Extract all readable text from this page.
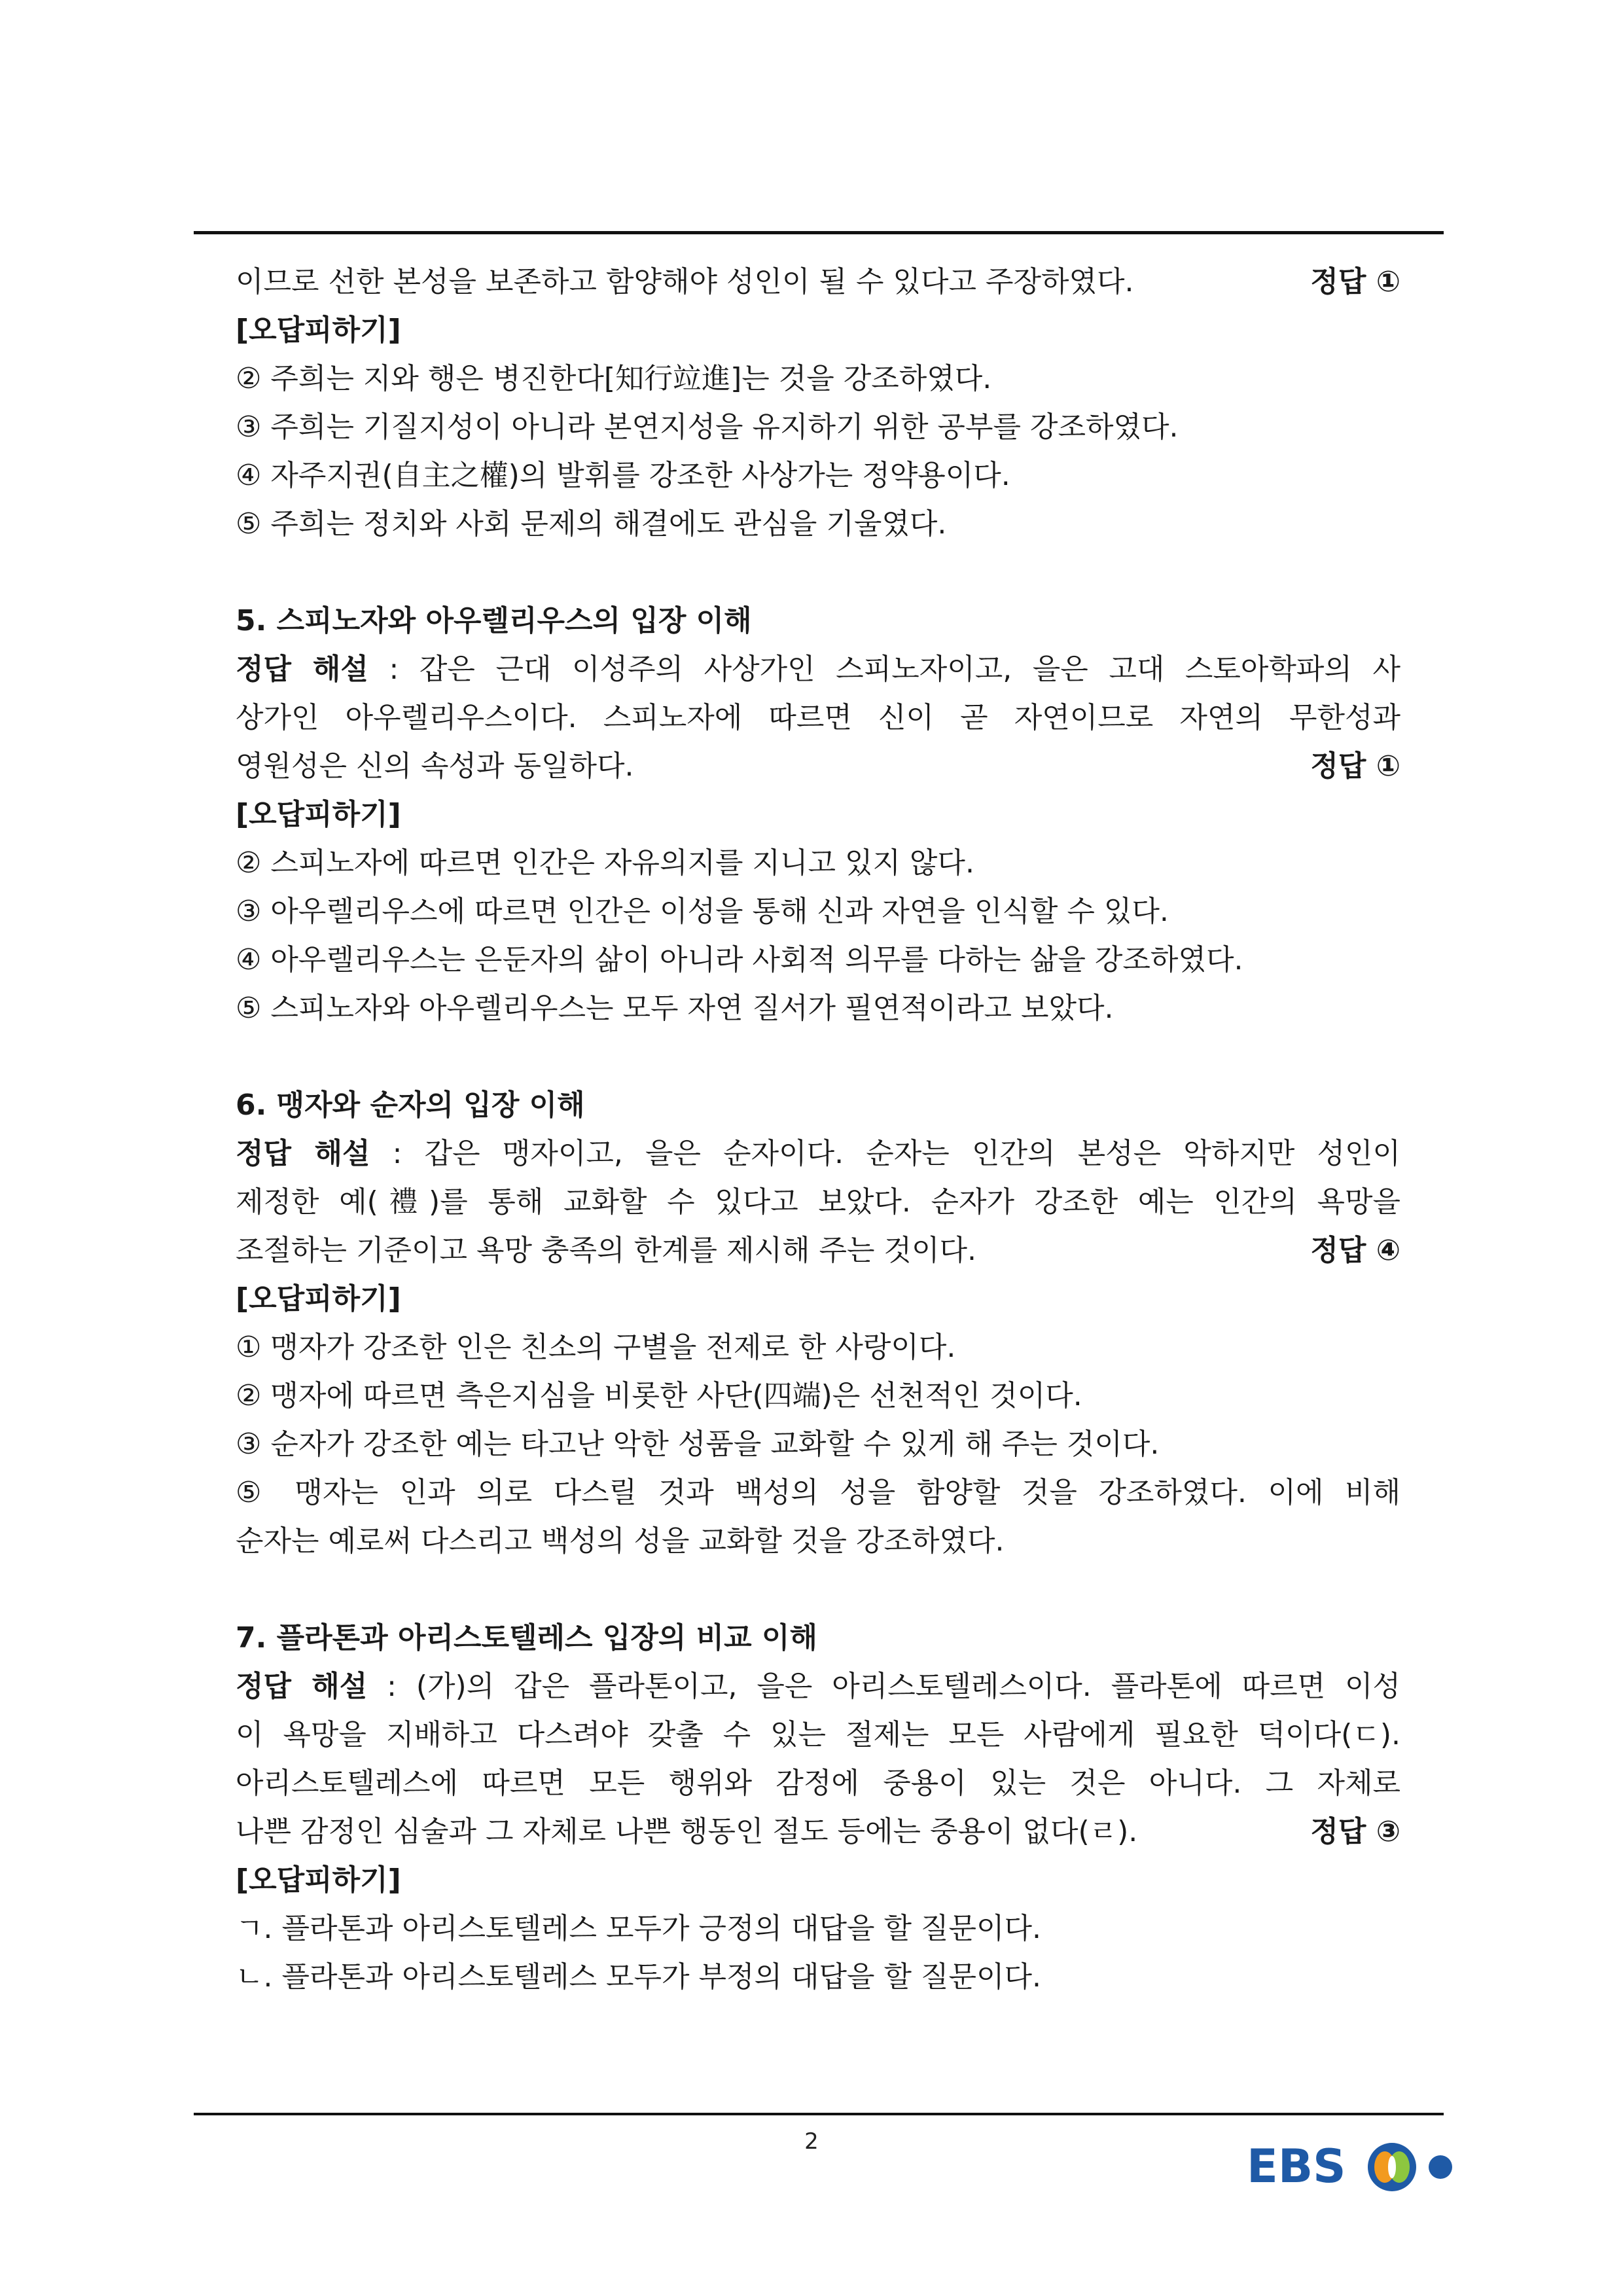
이므로 선한 본성을 보존하고 함양해야 성인이 될 수 있다고 주장하였다.	정답 ①
[오답피하기]
② 주희는 지와 행은 병진한다[知行竝進]는 것을 강조하였다.
③ 주희는 기질지성이 아니라 본연지성을 유지하기 위한 공부를 강조하였다.
④ 자주지권(自主之權)의 발휘를 강조한 사상가는 정약용이다.
⑤ 주희는 정치와 사회 문제의 해결에도 관심을 기울였다.
5. 스피노자와 아우렐리우스의 입장 이해
정답 해설 : 갑은 근대 이성주의 사상가인 스피노자이고, 을은 고대 스토아학파의 사
상가인 아우렐리우스이다. 스피노자에 따르면 신이 곧 자연이므로 자연의 무한성과
영원성은 신의 속성과 동일하다.	정답 ①
[오답피하기]
② 스피노자에 따르면 인간은 자유의지를 지니고 있지 않다.
③ 아우렐리우스에 따르면 인간은 이성을 통해 신과 자연을 인식할 수 있다.
④ 아우렐리우스는 은둔자의 삶이 아니라 사회적 의무를 다하는 삶을 강조하였다.
⑤ 스피노자와 아우렐리우스는 모두 자연 질서가 필연적이라고 보았다.
6. 맹자와 순자의 입장 이해
정답 해설 : 갑은 맹자이고, 을은 순자이다. 순자는 인간의 본성은 악하지만 성인이
제정한 예(禮)를 통해 교화할 수 있다고 보았다. 순자가 강조한 예는 인간의 욕망을
조절하는 기준이고 욕망 충족의 한계를 제시해 주는 것이다.	정답 ④
[오답피하기]
① 맹자가 강조한 인은 친소의 구별을 전제로 한 사랑이다.
② 맹자에 따르면 측은지심을 비롯한 사단(四端)은 선천적인 것이다.
③ 순자가 강조한 예는 타고난 악한 성품을 교화할 수 있게 해 주는 것이다.
⑤ 맹자는 인과 의로 다스릴 것과 백성의 성을 함양할 것을 강조하였다. 이에 비해
순자는 예로써 다스리고 백성의 성을 교화할 것을 강조하였다.
7. 플라톤과 아리스토텔레스 입장의 비교 이해
정답 해설 : (가)의 갑은 플라톤이고, 을은 아리스토텔레스이다. 플라톤에 따르면 이성
이 욕망을 지배하고 다스려야 갖출 수 있는 절제는 모든 사람에게 필요한 덕이다(ㄷ).
아리스토텔레스에 따르면 모든 행위와 감정에 중용이 있는 것은 아니다. 그 자체로
나쁜 감정인 심술과 그 자체로 나쁜 행동인 절도 등에는 중용이 없다(ㄹ).	정답 ③
[오답피하기]
ㄱ. 플라톤과 아리스토텔레스 모두가 긍정의 대답을 할 질문이다.
ㄴ. 플라톤과 아리스토텔레스 모두가 부정의 대답을 할 질문이다.
2	EBS
